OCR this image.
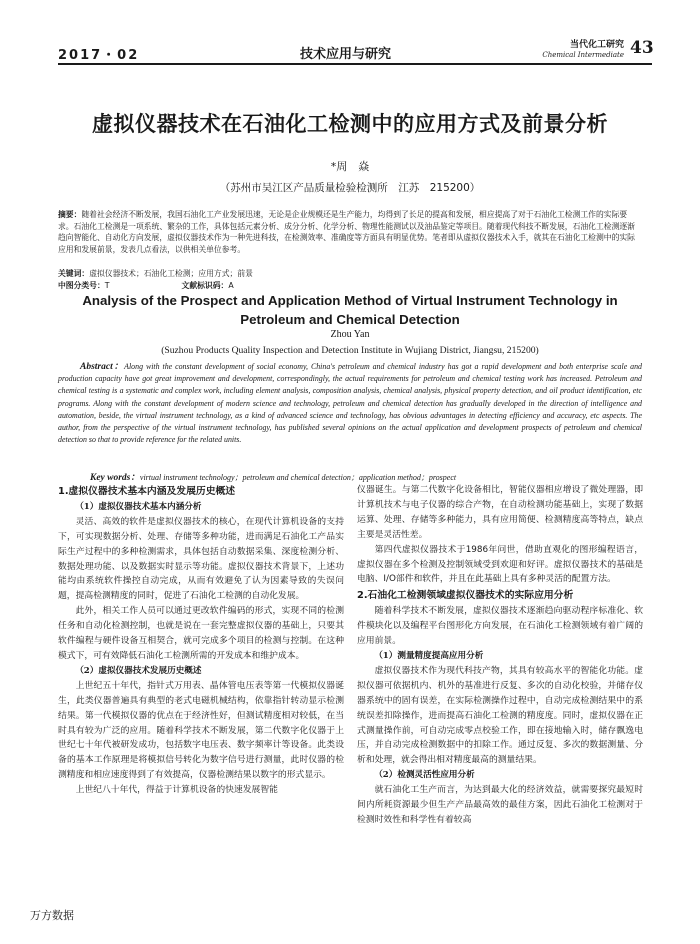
2017・02	技术应用与研究
当代化工研究
Chemical Intermediate 43
虚拟仪器技术在石油化工检测中的应用方式及前景分析
*周　焱
（苏州市吴江区产品质量检验检测所　江苏　215200）
摘要：随着社会经济不断发展，我国石油化工产业发展迅速，无论是企业规模还是生产能力，均得到了长足的提高和发展，相应提高了对于石油化工检测工作的实际要求。石油化工检测是一项系统、繁杂的工作，具体包括元素分析、成分分析、化学分析、物理性能测试以及油品鉴定等项目。随着现代科技不断发展，石油化工检测逐渐趋向智能化、自动化方向发展，虚拟仪器技术作为一种先进科技，在检测效率、准确度等方面具有明显优势。笔者即从虚拟仪器技术入手，就其在石油化工检测中的实际应用和发展前景，发表几点看法，以供相关单位参考。
关键词：虚拟仪器技术；石油化工检测；应用方式；前景
中图分类号：T	文献标识码：A
Analysis of the Prospect and Application Method of Virtual Instrument Technology in Petroleum and Chemical Detection
Zhou Yan
(Suzhou Products Quality Inspection and Detection Institute in Wujiang District, Jiangsu, 215200)
Abstract：Along with the constant development of social economy, China's petroleum and chemical industry has got a rapid development and both enterprise scale and production capacity have got great improvement and development, correspondingly, the actual requirements for petroleum and chemical testing work has increased. Petroleum and chemical testing is a systematic and complex work, including element analysis, composition analysis, chemical analysis, physical property detection, and oil product identification, etc programs. Along with the constant development of modern science and technology, petroleum and chemical detection has gradually developed in the direction of intelligence and automation, beside, the virtual instrument technology, as a kind of advanced science and technology, has obvious advantages in detecting efficiency and accuracy, etc aspects. The author, from the perspective of the virtual instrument technology, has published several opinions on the actual application and development prospects of petroleum and chemical detection so that to provide reference for the related units.
Key words：virtual instrument technology；petroleum and chemical detection；application method；prospect

1.虚拟仪器技术基本内涵及发展历史概述

（1）虚拟仪器技术基本内涵分析

灵活、高效的软件是虚拟仪器技术的核心，在现代计算机设备的支持下，可实现数据分析、处理、存储等多种功能，进而满足石油化工产品实际生产过程中的多种检测需求，具体包括自动数据采集、深度检测分析、数据处理功能、以及数据实时显示等功能。虚拟仪器技术背景下，上述功能均由系统软件操控自动完成，从而有效避免了认为因素导致的失误问题，提高检测精度的同时，促进了石油化工检测的自动化发展。

此外，相关工作人员可以通过更改软件编码的形式，实现不同的检测任务和自动化检测控制，也就是说在一套完整虚拟仪器的基础上，只要其软件编程与硬件设备互相契合，就可完成多个项目的检测与控制。在这种模式下，可有效降低石油化工检测所需的开发成本和维护成本。

（2）虚拟仪器技术发展历史概述

上世纪五十年代，指针式万用表、晶体管电压表等第一代模拟仪器诞生，此类仪器普遍具有典型的老式电磁机械结构，依靠指针转动显示检测结果。第一代模拟仪器的优点在于经济性好，但测试精度相对较低，在当时具有较为广泛的应用。随着科学技术不断发展，第二代数字化仪器于上世纪七十年代被研发成功，包括数字电压表、数字频率计等设备。此类设备的基本工作原理是将模拟信号转化为数字信号进行测量，此时仪器的检测精度和相应速度得到了有效提高，仪器检测结果以数字的形式显示。

上世纪八十年代，得益于计算机设备的快速发展智能

仪器诞生。与第二代数字化设备相比，智能仪器相应增设了微处理器，即计算机技术与电子仪器的综合产物，在自动检测功能基础上，实现了数据运算、处理、存储等多种能力，具有应用简便、检测精度高等特点，缺点主要是灵活性差。

第四代虚拟仪器技术于1986年问世，借助直观化的图形编程语言，虚拟仪器在多个检测及控制领域受到欢迎和好评。虚拟仪器技术的基础是电脑、I/O部件和软件，并且在此基础上具有多种灵活的配置方法。

2.石油化工检测领域虚拟仪器技术的实际应用分析

随着科学技术不断发展，虚拟仪器技术逐渐趋向驱动程序标准化、软件模块化以及编程平台图形化方向发展，在石油化工检测领域有着广阔的应用前景。

（1）测量精度提高应用分析

虚拟仪器技术作为现代科技产物，其具有较高水平的智能化功能。虚拟仪器可依据机内、机外的基准进行反复、多次的自动化校验，并储存仪器系统中的固有误差，在实际检测操作过程中，自动完成检测结果中的系统误差扣除操作，进而提高石油化工检测的精度度。同时，虚拟仪器在正式测量操作前，可自动完成零点校验工作，即在接地输入时，储存飘逸电压，并自动完成检测数据中的扣除工作。通过反复、多次的数据测量、分析和处理，就会得出相对精度最高的测量结果。

（2）检测灵活性应用分析

就石油化工生产而言，为达到最大化的经济效益，就需要探究最短时间内所耗资源最少但生产产品最高效的最佳方案，因此石油化工检测对于检测时效性和科学性有着较高

万方数据
